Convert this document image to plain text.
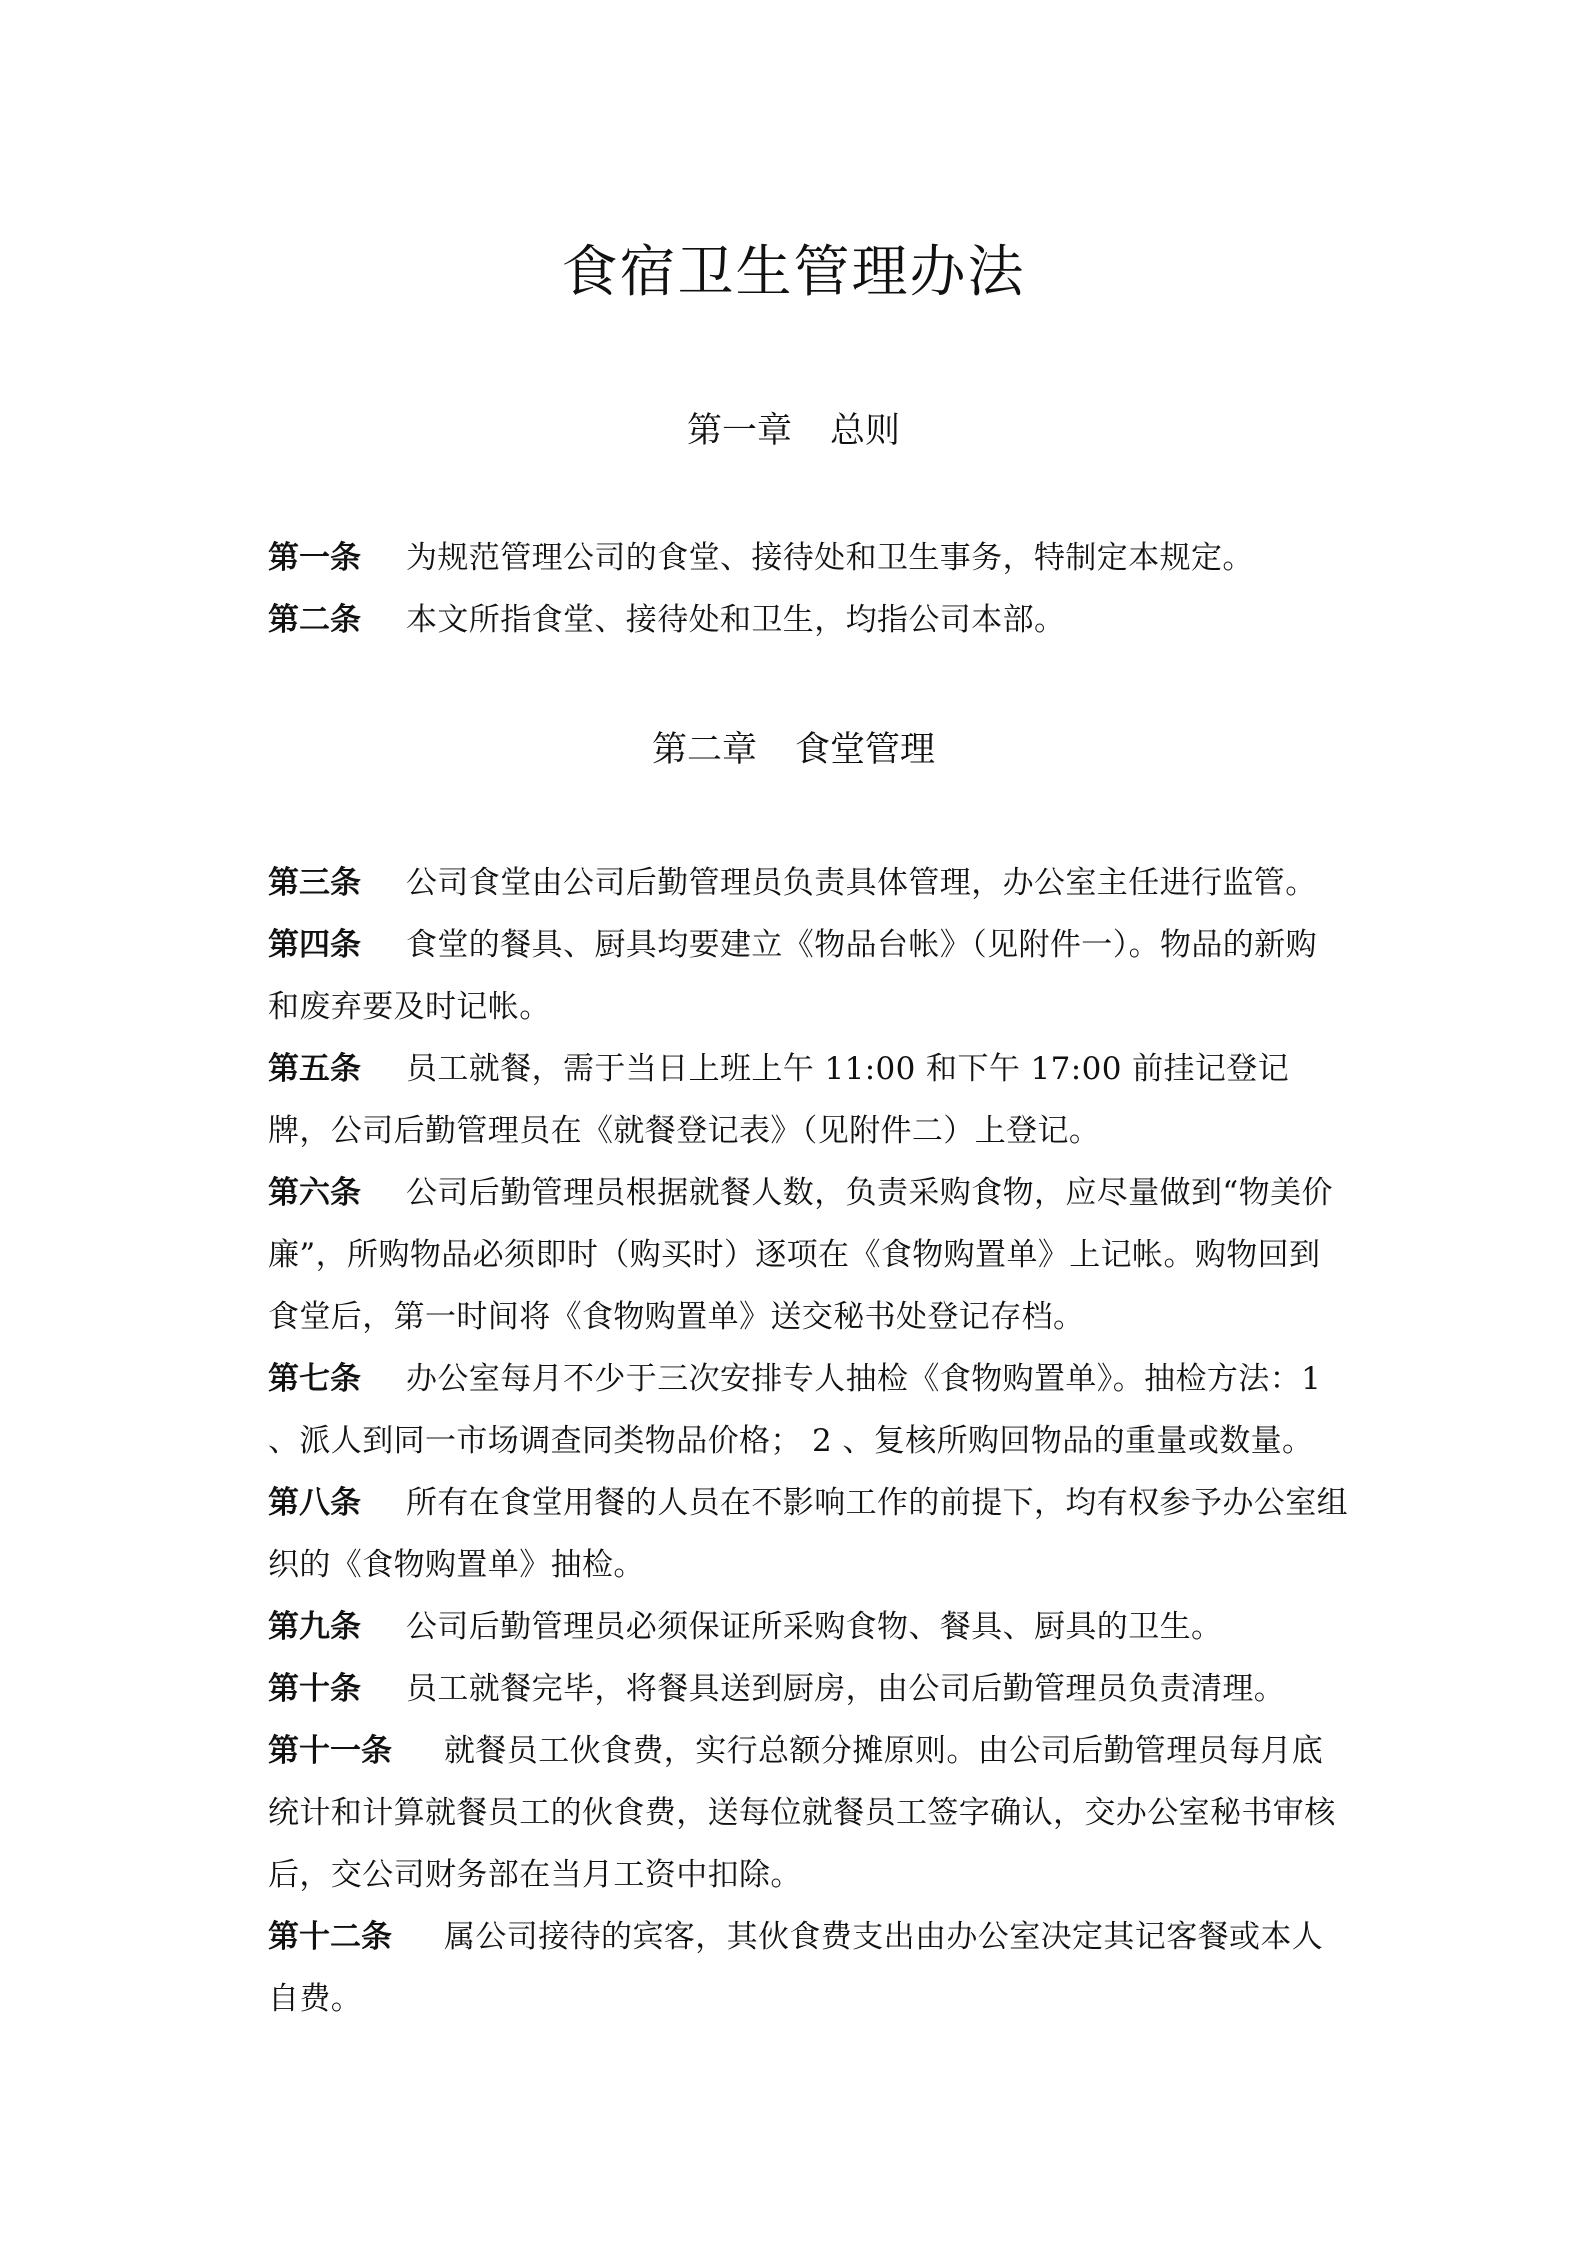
食宿卫生管理办法
第一章 总则

第一条 为规范管理公司的食堂、接待处和卫生事务，特制定本规定。

第二条 本文所指食堂、接待处和卫生，均指公司本部。

第二章 食堂管理

第三条 公司食堂由公司后勤管理员负责具体管理，办公室主任进行监管。

第四条 食堂的餐具、厨具均要建立《物品台帐》（见附件一）。物品的新购和废弃要及时记帐。

第五条 员工就餐，需于当日上班上午 11:00 和下午 17:00 前挂记登记牌，公司后勤管理员在《就餐登记表》（见附件二）上登记。

第六条 公司后勤管理员根据就餐人数，负责采购食物，应尽量做到“物美价廉”，所购物品必须即时（购买时）逐项在《食物购置单》上记帐。购物回到食堂后，第一时间将《食物购置单》送交秘书处登记存档。

第七条 办公室每月不少于三次安排专人抽检《食物购置单》。抽检方法：1 、派人到同一市场调查同类物品价格； 2 、复核所购回物品的重量或数量。

第八条 所有在食堂用餐的人员在不影响工作的前提下，均有权参予办公室组织的《食物购置单》抽检。

第九条 公司后勤管理员必须保证所采购食物、餐具、厨具的卫生。

第十条 员工就餐完毕，将餐具送到厨房，由公司后勤管理员负责清理。

第十一条 就餐员工伙食费，实行总额分摊原则。由公司后勤管理员每月底统计和计算就餐员工的伙食费，送每位就餐员工签字确认，交办公室秘书审核后，交公司财务部在当月工资中扣除。

第十二条 属公司接待的宾客，其伙食费支出由办公室决定其记客餐或本人自费。
